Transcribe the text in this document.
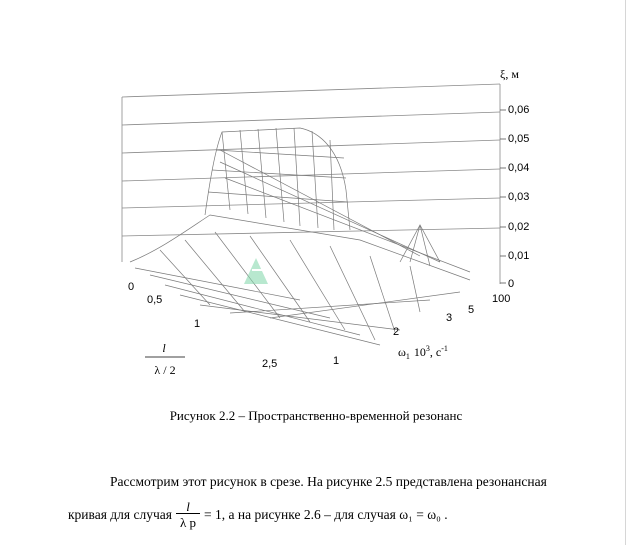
ξ, м
0,06
0,05
0,04
0,03
0,02
0,01
0
100
5
3
2
1
$\omega_1$ $10^3$, $с^{-1}$
0
0,5
1
2,5
l
λ / 2
Рисунок 2.2 – Пространственно-временной резонанс
Рассмотрим этот рисунок в срезе. На рисунке 2.5 представлена резонансная
кривая для случая $\frac{l}{\text{λ р}} = 1$, а на рисунке 2.6 – для случая
ω₁ = ω₀
.
